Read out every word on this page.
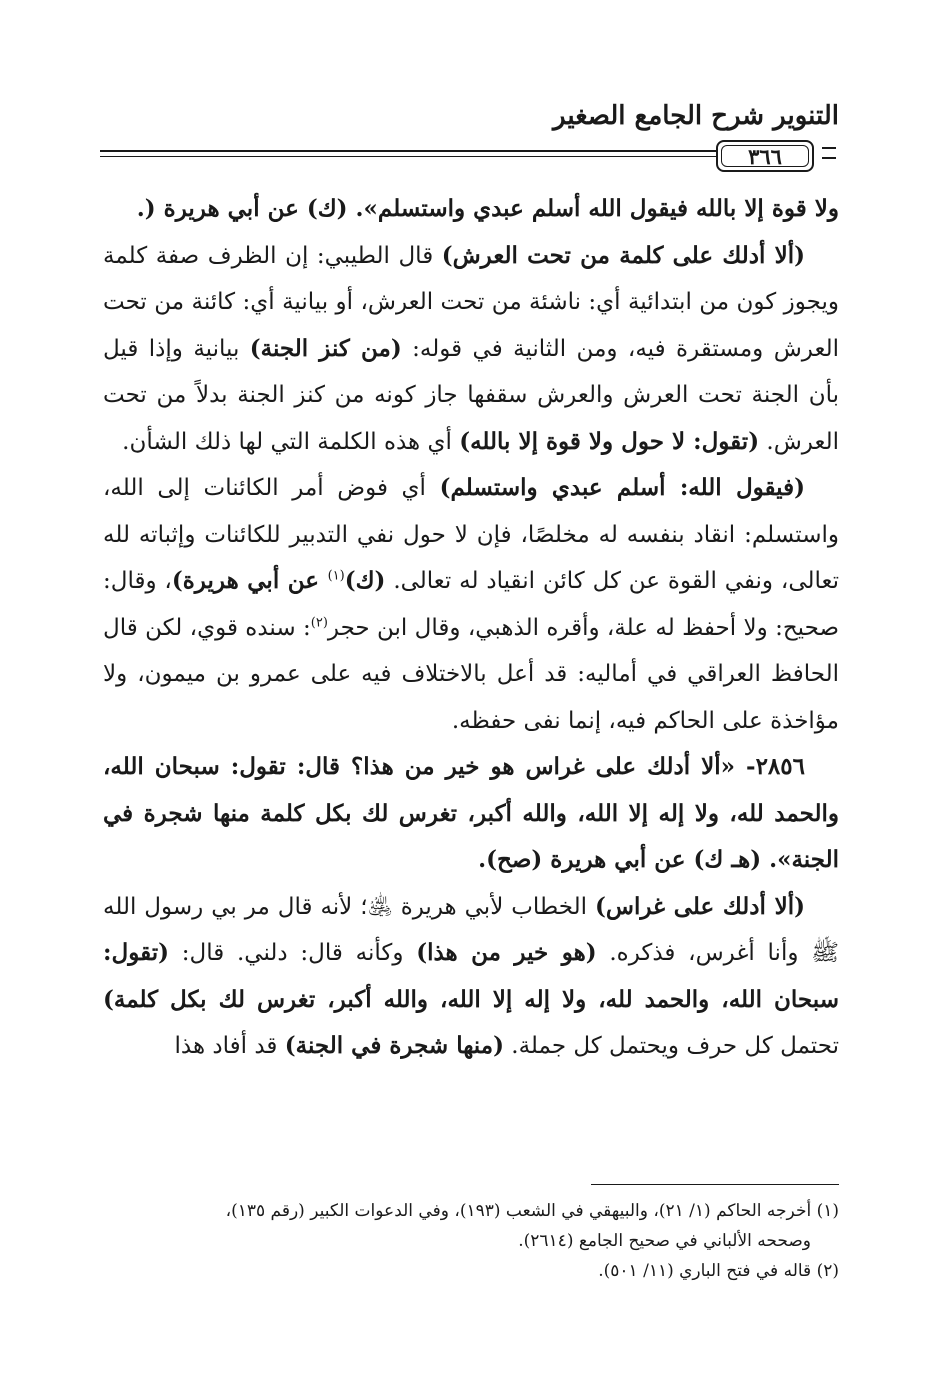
التنوير شرح الجامع الصغير
٣٦٦

ولا قوة إلا بالله فيقول الله أسلم عبدي واستسلم». (ك) عن أبي هريرة (.

(ألا أدلك على كلمة من تحت العرش) قال الطيبي: إن الظرف صفة كلمة ويجوز كون من ابتدائية أي: ناشئة من تحت العرش، أو بيانية أي: كائنة من تحت العرش ومستقرة فيه، ومن الثانية في قوله: (من كنز الجنة) بيانية وإذا قيل بأن الجنة تحت العرش والعرش سقفها جاز كونه من كنز الجنة بدلاً من تحت العرش. (تقول: لا حول ولا قوة إلا بالله) أي هذه الكلمة التي لها ذلك الشأن.

(فيقول الله: أسلم عبدي واستسلم) أي فوض أمر الكائنات إلى الله، واستسلم: انقاد بنفسه له مخلصًا، فإن لا حول نفي التدبير للكائنات وإثباته لله تعالى، ونفي القوة عن كل كائن انقياد له تعالى. (ك)$^{(١)}$ عن أبي هريرة)، وقال: صحيح: ولا أحفظ له علة، وأقره الذهبي، وقال ابن حجر$^{(٢)}$: سنده قوي، لكن قال الحافظ العراقي في أماليه: قد أعل بالاختلاف فيه على عمرو بن ميمون، ولا مؤاخذة على الحاكم فيه، إنما نفى حفظه.

٢٨٥٦- «ألا أدلك على غراس هو خير من هذا؟ قال: تقول: سبحان الله، والحمد لله، ولا إله إلا الله، والله أكبر، تغرس لك بكل كلمة منها شجرة في الجنة». (هـ ك) عن أبي هريرة (صح).

(ألا أدلك على غراس) الخطاب لأبي هريرة ﵁؛ لأنه قال مر بي رسول الله ﷺ وأنا أغرس، فذكره. (هو خير من هذا) وكأنه قال: دلني. قال: (تقول: سبحان الله، والحمد لله، ولا إله إلا الله، والله أكبر، تغرس لك بكل كلمة) تحتمل كل حرف ويحتمل كل جملة. (منها شجرة في الجنة) قد أفاد هذا

(١) أخرجه الحاكم (١/ ٢١)، والبيهقي في الشعب (١٩٣)، وفي الدعوات الكبير (رقم ١٣٥)،
وصححه الألباني في صحيح الجامع (٢٦١٤).

(٢) قاله في فتح الباري (١١/ ٥٠١).
